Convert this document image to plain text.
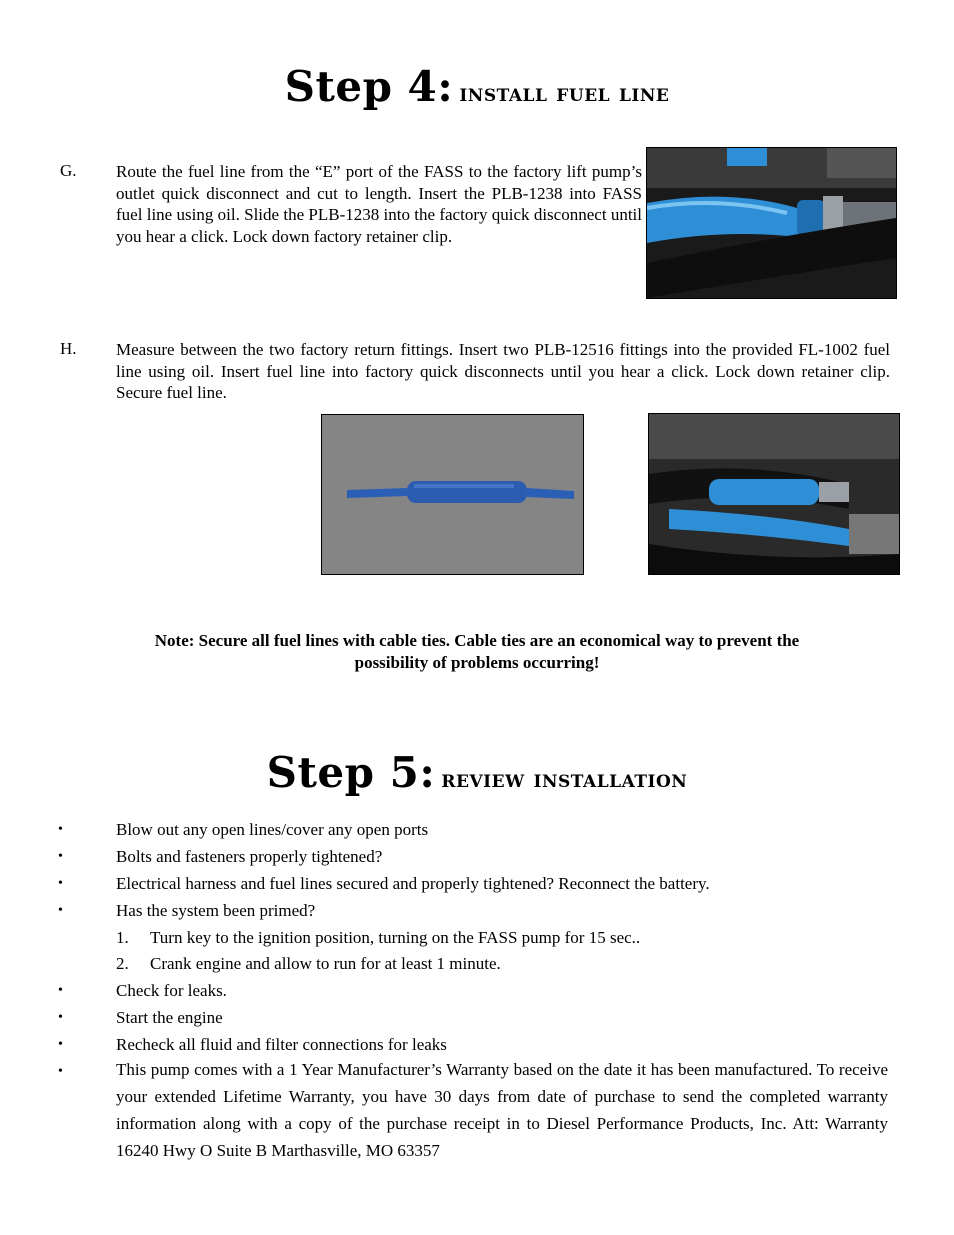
Step 4: install fuel line
G. Route the fuel line from the “E” port of the FASS to the factory lift pump’s outlet quick disconnect and cut to length. Insert the PLB-1238 into FASS fuel line using oil. Slide the PLB-1238 into the factory quick disconnect until you hear a click. Lock down factory retainer clip.
H. Measure between the two factory return fittings. Insert two PLB-12516 fittings into the provided FL-1002 fuel line using oil. Insert fuel line into factory quick disconnects until you hear a click. Lock down retainer clip. Secure fuel line.
Note: Secure all fuel lines with cable ties. Cable ties are an economical way to prevent the
possibility of problems occurring!
Step 5: review installation
•	Blow out any open lines/cover any open ports
•	Bolts and fasteners properly tightened?
•	Electrical harness and fuel lines secured and properly tightened? Reconnect the battery.
•	Has the system been primed?
1. Turn key to the ignition position, turning on the FASS pump for 15 sec..
2. Crank engine and allow to run for at least 1 minute.
•	Check for leaks.
•	Start the engine
•	Recheck all fluid and filter connections for leaks
•	This pump comes with a 1 Year Manufacturer’s Warranty based on the date it has been manufactured. To receive your extended Lifetime Warranty, you have 30 days from date of purchase to send the completed warranty information along with a copy of the purchase receipt in to Diesel Performance Products, Inc. Att: Warranty 16240 Hwy O Suite B Marthasville, MO 63357
